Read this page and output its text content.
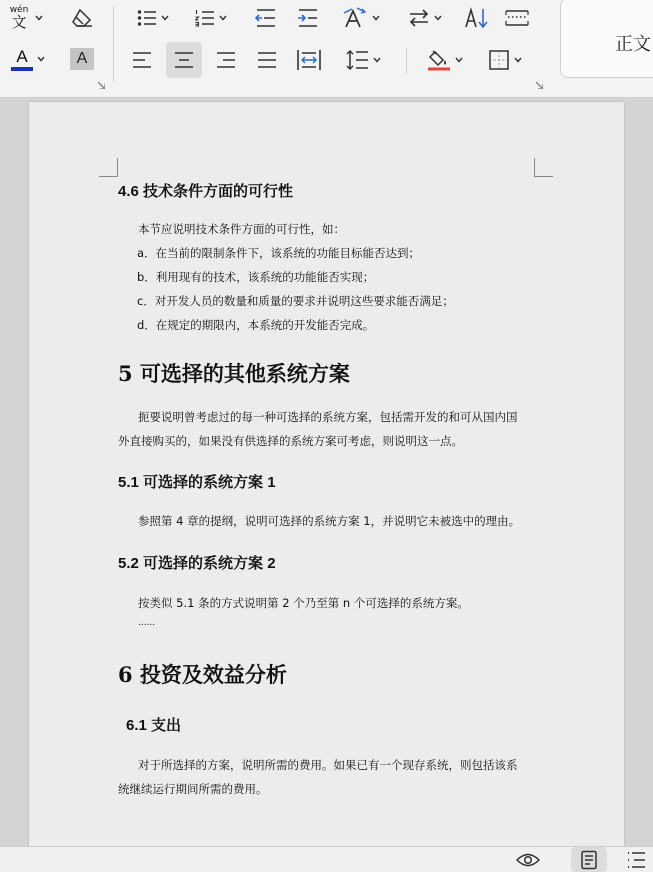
wén
文
A	A
正文
4.6 技术条件方面的可行性
本节应说明技术条件方面的可行性，如：
a．在当前的限制条件下，该系统的功能目标能否达到；
b．利用现有的技术，该系统的功能能否实现；
c．对开发人员的数量和质量的要求并说明这些要求能否满足；
d．在规定的期限内，本系统的开发能否完成。
5 可选择的其他系统方案
扼要说明曾考虑过的每一种可选择的系统方案，包括需开发的和可从国内国
外直接购买的，如果没有供选择的系统方案可考虑，则说明这一点。
5.1 可选择的系统方案 1
参照第 4 章的提纲，说明可选择的系统方案 1，并说明它未被选中的理由。
5.2 可选择的系统方案 2
按类似 5.1 条的方式说明第 2 个乃至第 n 个可选择的系统方案。
......
6 投资及效益分析
6.1 支出
对于所选择的方案，说明所需的费用。如果已有一个现存系统，则包括该系
统继续运行期间所需的费用。
